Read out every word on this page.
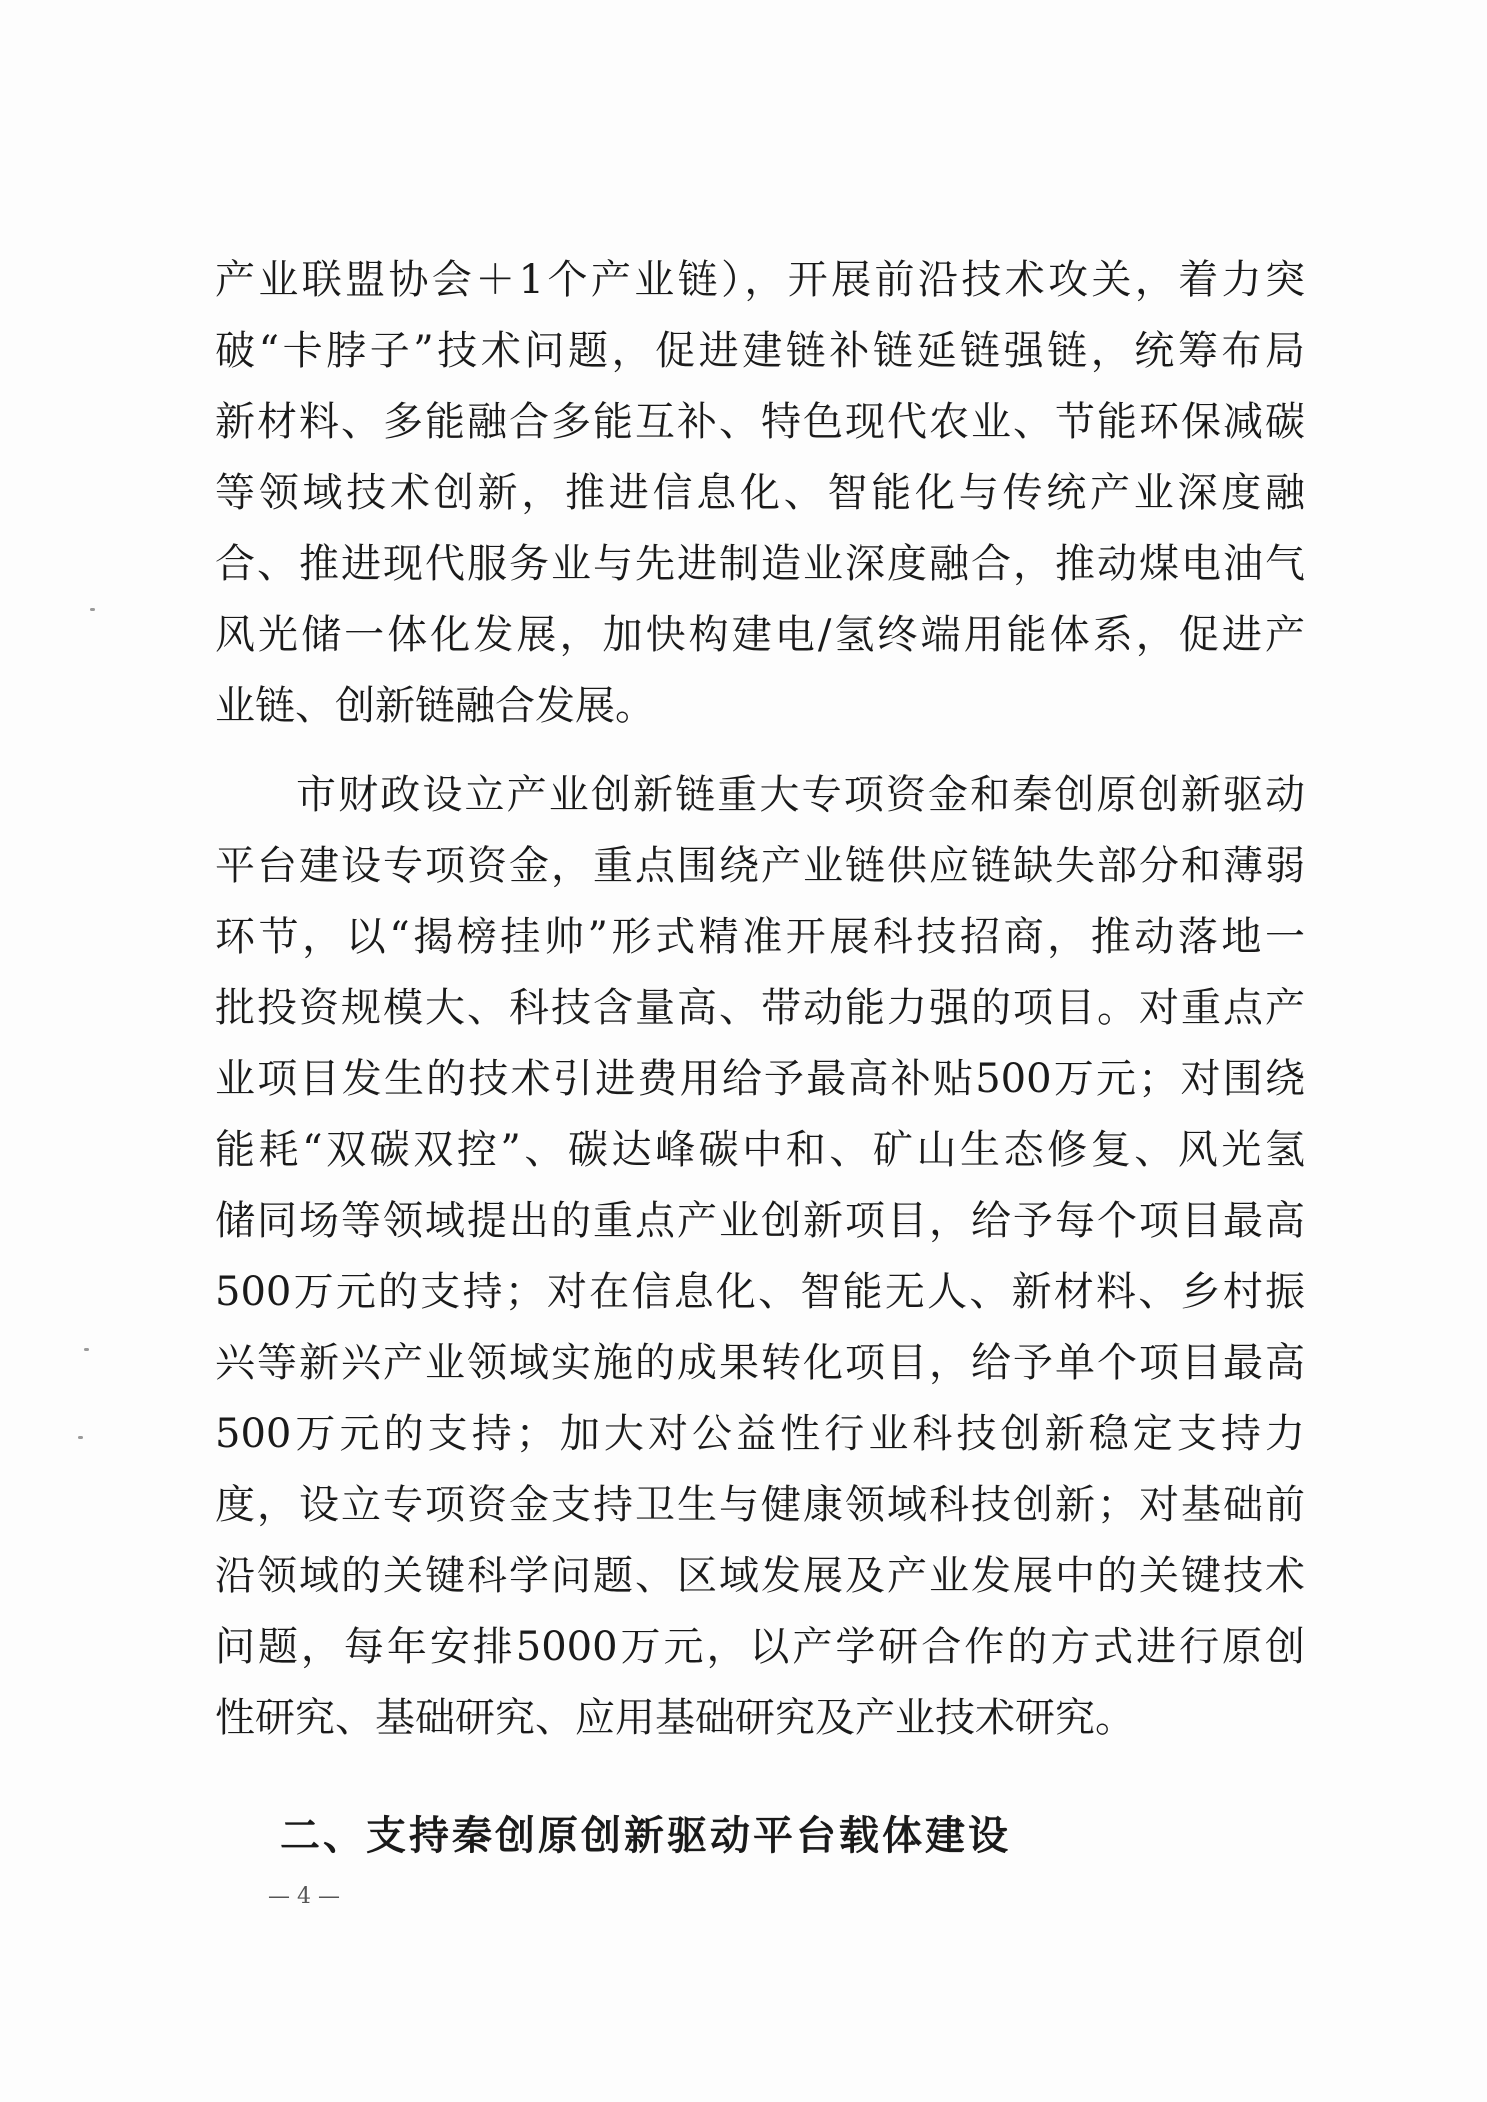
产业联盟协会＋1个产业链），开展前沿技术攻关，着力突
破“卡脖子”技术问题，促进建链补链延链强链，统筹布局
新材料、多能融合多能互补、特色现代农业、节能环保减碳
等领域技术创新，推进信息化、智能化与传统产业深度融
合、推进现代服务业与先进制造业深度融合，推动煤电油气
风光储一体化发展，加快构建电/氢终端用能体系，促进产
业链、创新链融合发展。
市财政设立产业创新链重大专项资金和秦创原创新驱动
平台建设专项资金，重点围绕产业链供应链缺失部分和薄弱
环节，以“揭榜挂帅”形式精准开展科技招商，推动落地一
批投资规模大、科技含量高、带动能力强的项目。对重点产
业项目发生的技术引进费用给予最高补贴500万元；对围绕
能耗“双碳双控”、碳达峰碳中和、矿山生态修复、风光氢
储同场等领域提出的重点产业创新项目，给予每个项目最高
500万元的支持；对在信息化、智能无人、新材料、乡村振
兴等新兴产业领域实施的成果转化项目，给予单个项目最高
500万元的支持；加大对公益性行业科技创新稳定支持力
度，设立专项资金支持卫生与健康领域科技创新；对基础前
沿领域的关键科学问题、区域发展及产业发展中的关键技术
问题，每年安排5000万元，以产学研合作的方式进行原创
性研究、基础研究、应用基础研究及产业技术研究。
二、支持秦创原创新驱动平台载体建设
— 4 —
